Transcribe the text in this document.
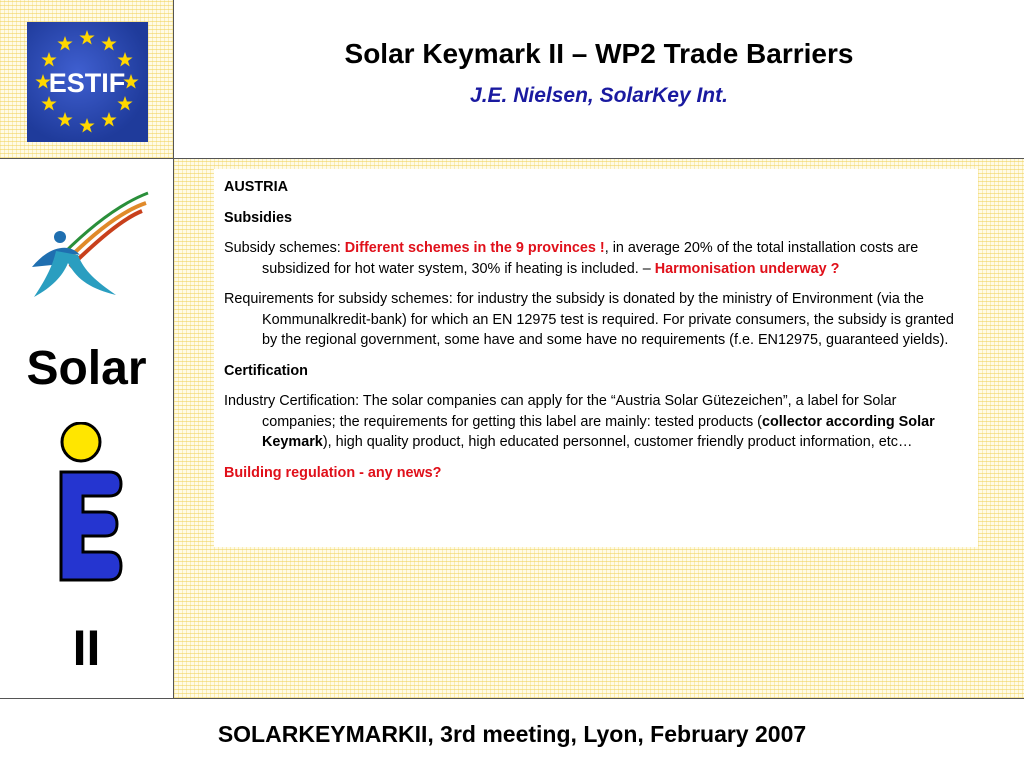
ESTIF
Solar Keymark II – WP2 Trade Barriers
J.E. Nielsen, SolarKey Int.
Solar
II

AUSTRIA

Subsidies

Subsidy schemes: Different schemes in the 9 provinces !, in average 20% of the total installation costs are subsidized for hot water system, 30% if heating is included. – Harmonisation underway ?

Requirements for subsidy schemes: for industry the subsidy is donated by the ministry of Environment (via the Kommunalkredit-bank) for which an EN 12975 test is required. For private consumers, the subsidy is granted by the regional government, some have and some have no requirements (f.e. EN12975, guaranteed yields).

Certification

Industry Certification: The solar companies can apply for the “Austria Solar Gütezeichen”, a label for Solar companies; the requirements for getting this label are mainly: tested products (collector according Solar Keymark), high quality product, high educated personnel, customer friendly product information, etc…

Building regulation - any news?

SOLARKEYMARKII, 3rd meeting, Lyon, February 2007
